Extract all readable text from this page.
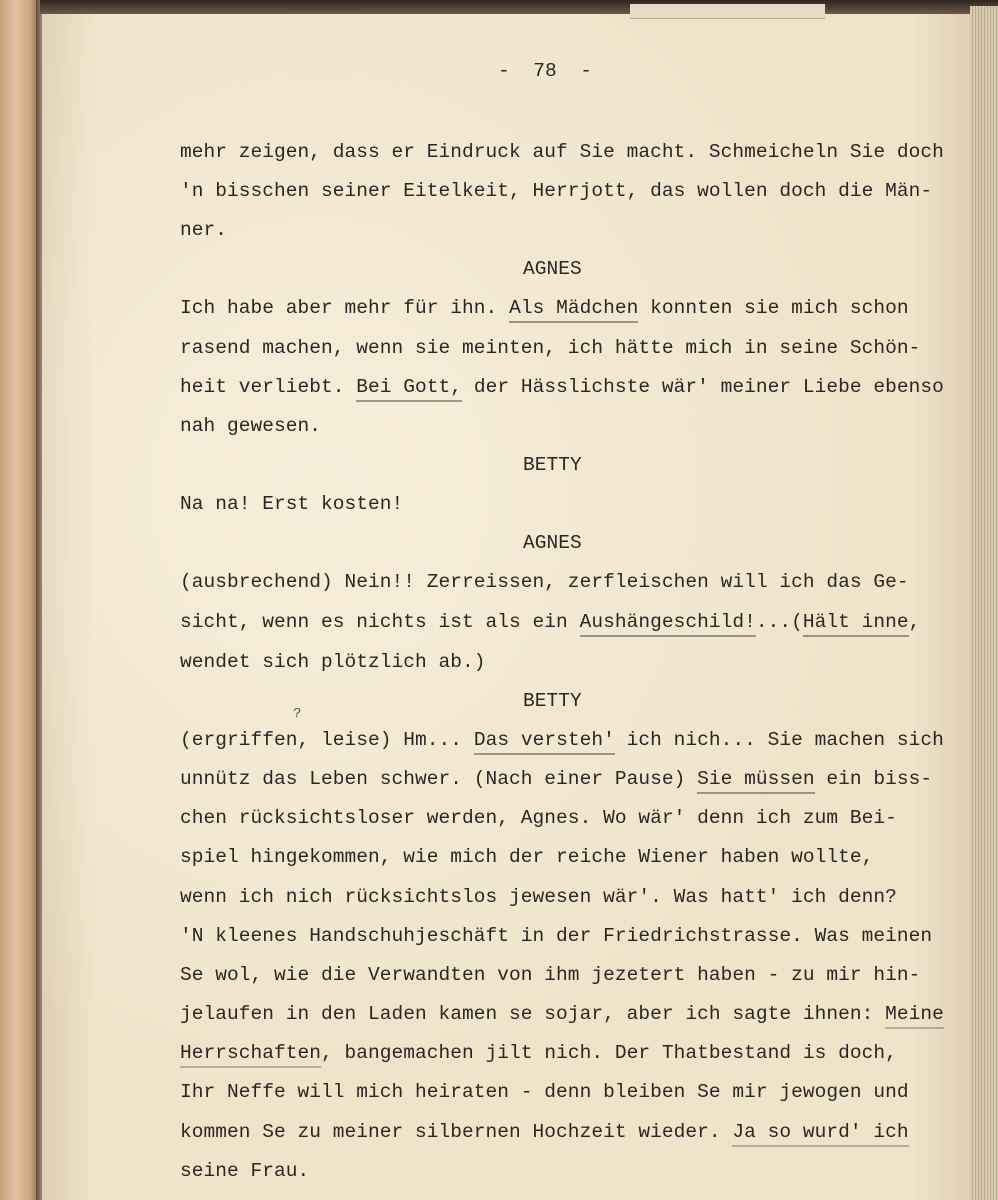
-  78  -
mehr zeigen, dass er Eindruck auf Sie macht. Schmeicheln Sie doch
'n bisschen seiner Eitelkeit, Herrjott, das wollen doch die Män-
ner.
AGNES
Ich habe aber mehr für ihn. Als Mädchen konnten sie mich schon
rasend machen, wenn sie meinten, ich hätte mich in seine Schön-
heit verliebt. Bei Gott, der Hässlichste wär' meiner Liebe ebenso
nah gewesen.
BETTY
Na na! Erst kosten!
AGNES
(ausbrechend) Nein!! Zerreissen, zerfleischen will ich das Ge-
sicht, wenn es nichts ist als ein Aushängeschild!...(Hält inne,
wendet sich plötzlich ab.)
BETTY
?
(ergriffen, leise) Hm... Das versteh' ich nich... Sie machen sich
unnütz das Leben schwer. (Nach einer Pause) Sie müssen ein biss-
chen rücksichtsloser werden, Agnes. Wo wär' denn ich zum Bei-
spiel hingekommen, wie mich der reiche Wiener haben wollte,
wenn ich nich rücksichtslos jewesen wär'. Was hatt' ich denn?
'N kleenes Handschuhjeschäft in der Friedrichstrasse. Was meinen
Se wol, wie die Verwandten von ihm jezetert haben - zu mir hin-
jelaufen in den Laden kamen se sojar, aber ich sagte ihnen: Meine
Herrschaften, bangemachen jilt nich. Der Thatbestand is doch,
Ihr Neffe will mich heiraten - denn bleiben Se mir jewogen und
kommen Se zu meiner silbernen Hochzeit wieder. Ja so wurd' ich
seine Frau.
